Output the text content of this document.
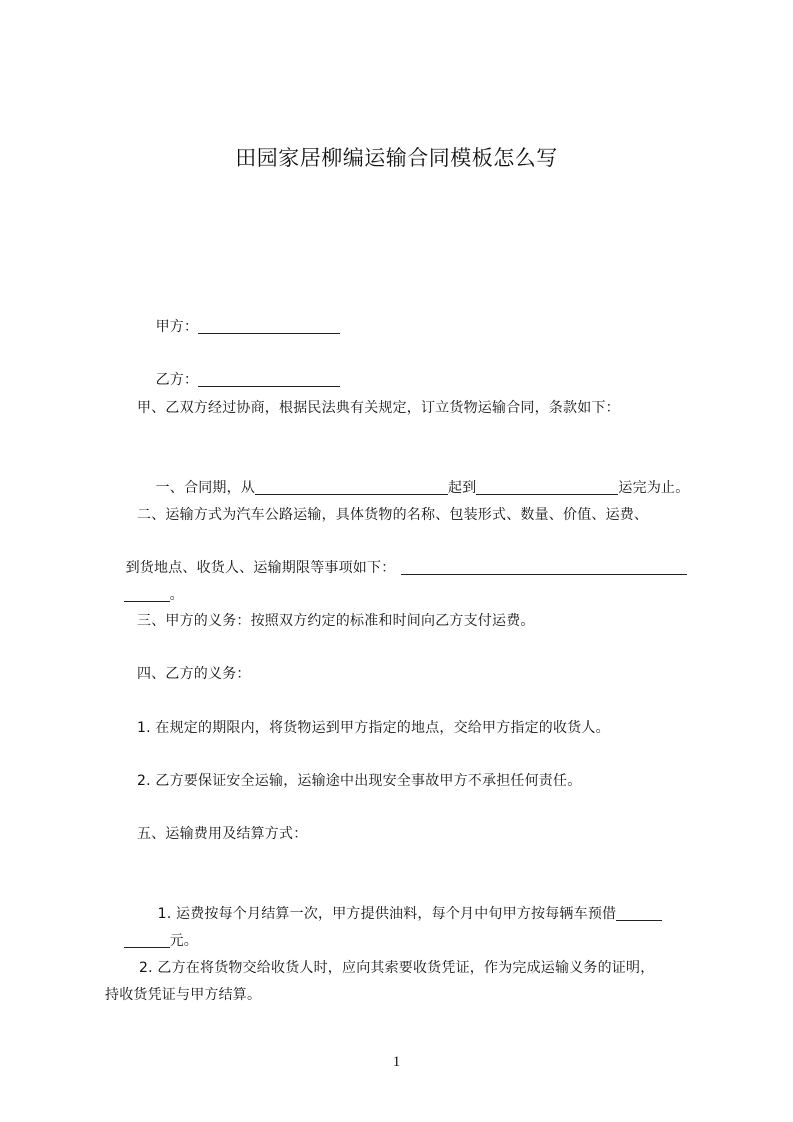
田园家居柳编运输合同模板怎么写

甲方：

乙方：

甲、乙双方经过协商，根据民法典有关规定，订立货物运输合同，条款如下：

一、合同期，从	起到	运完为止。

二、运输方式为汽车公路运输，具体货物的名称、包装形式、数量、价值、运费、

到货地点、收货人、运输期限等事项如下：

。

三、甲方的义务：按照双方约定的标准和时间向乙方支付运费。
四、乙方的义务：
1. 在规定的期限内，将货物运到甲方指定的地点，交给甲方指定的收货人。
2. 乙方要保证安全运输，运输途中出现安全事故甲方不承担任何责任。
五、运输费用及结算方式：

1. 运费按每个月结算一次，甲方提供油料，每个月中旬甲方按每辆车预借

元。

2. 乙方在将货物交给收货人时，应向其索要收货凭证，作为完成运输义务的证明，
持收货凭证与甲方结算。
1
